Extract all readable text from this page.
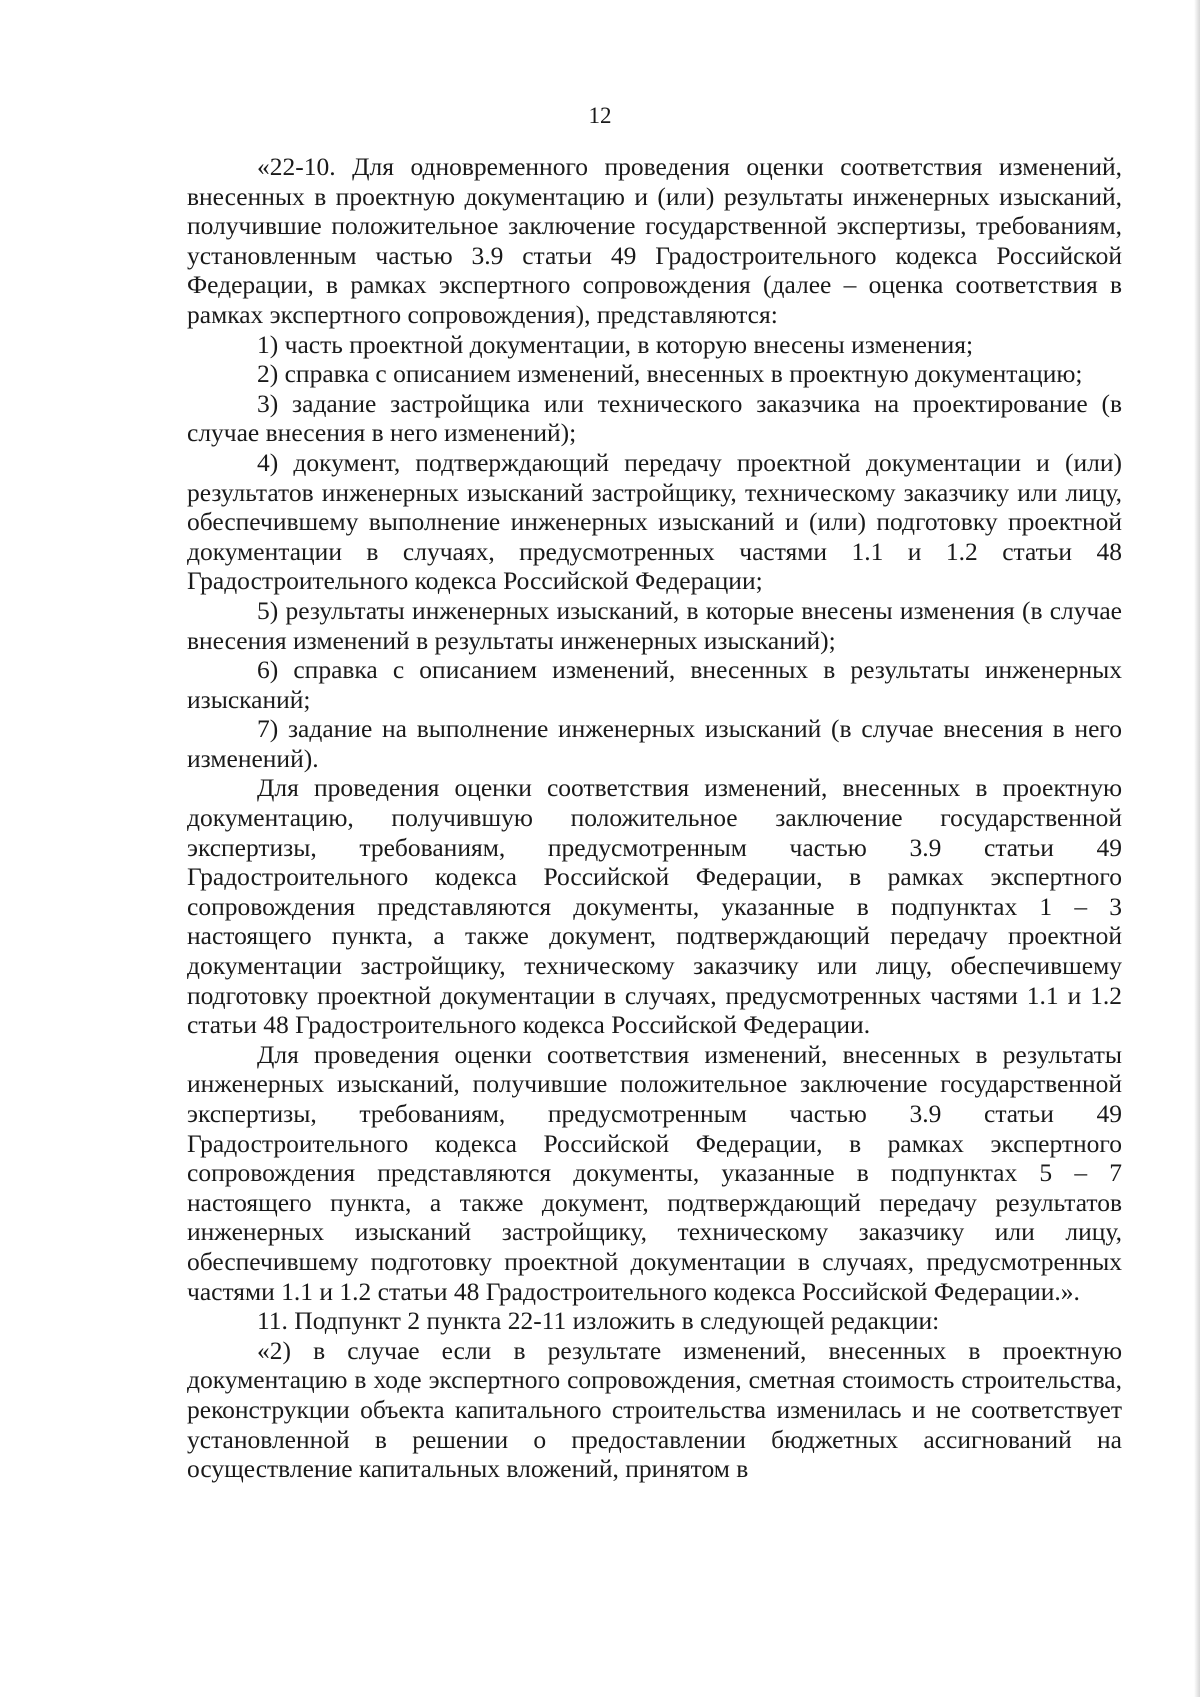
12

«22-10. Для одновременного проведения оценки соответствия изменений, внесенных в проектную документацию и (или) результаты инженерных изысканий, получившие положительное заключение государственной экспертизы, требованиям, установленным частью 3.9 статьи 49 Градостроительного кодекса Российской Федерации, в рамках экспертного сопровождения (далее – оценка соответствия в рамках экспертного сопровождения), представляются:

1) часть проектной документации, в которую внесены изменения;

2) справка с описанием изменений, внесенных в проектную документацию;

3) задание застройщика или технического заказчика на проектирование (в случае внесения в него изменений);

4) документ, подтверждающий передачу проектной документации и (или) результатов инженерных изысканий застройщику, техническому заказчику или лицу, обеспечившему выполнение инженерных изысканий и (или) подготовку проектной документации в случаях, предусмотренных частями 1.1 и 1.2 статьи 48 Градостроительного кодекса Российской Федерации;

5) результаты инженерных изысканий, в которые внесены изменения (в случае внесения изменений в результаты инженерных изысканий);

6) справка с описанием изменений, внесенных в результаты инженерных изысканий;

7) задание на выполнение инженерных изысканий (в случае внесения в него изменений).

Для проведения оценки соответствия изменений, внесенных в проектную документацию, получившую положительное заключение государственной экспертизы, требованиям, предусмотренным частью 3.9 статьи 49 Градостроительного кодекса Российской Федерации, в рамках экспертного сопровождения представляются документы, указанные в подпунктах 1 – 3 настоящего пункта, а также документ, подтверждающий передачу проектной документации застройщику, техническому заказчику или лицу, обеспечившему подготовку проектной документации в случаях, предусмотренных частями 1.1 и 1.2 статьи 48 Градостроительного кодекса Российской Федерации.

Для проведения оценки соответствия изменений, внесенных в результаты инженерных изысканий, получившие положительное заключение государственной экспертизы, требованиям, предусмотренным частью 3.9 статьи 49 Градостроительного кодекса Российской Федерации, в рамках экспертного сопровождения представляются документы, указанные в подпунктах 5 – 7 настоящего пункта, а также документ, подтверждающий передачу результатов инженерных изысканий застройщику, техническому заказчику или лицу, обеспечившему подготовку проектной документации в случаях, предусмотренных частями 1.1 и 1.2 статьи 48 Градостроительного кодекса Российской Федерации.».

11. Подпункт 2 пункта 22-11 изложить в следующей редакции:

«2) в случае если в результате изменений, внесенных в проектную документацию в ходе экспертного сопровождения, сметная стоимость строительства, реконструкции объекта капитального строительства изменилась и не соответствует установленной в решении о предоставлении бюджетных ассигнований на осуществление капитальных вложений, принятом в
